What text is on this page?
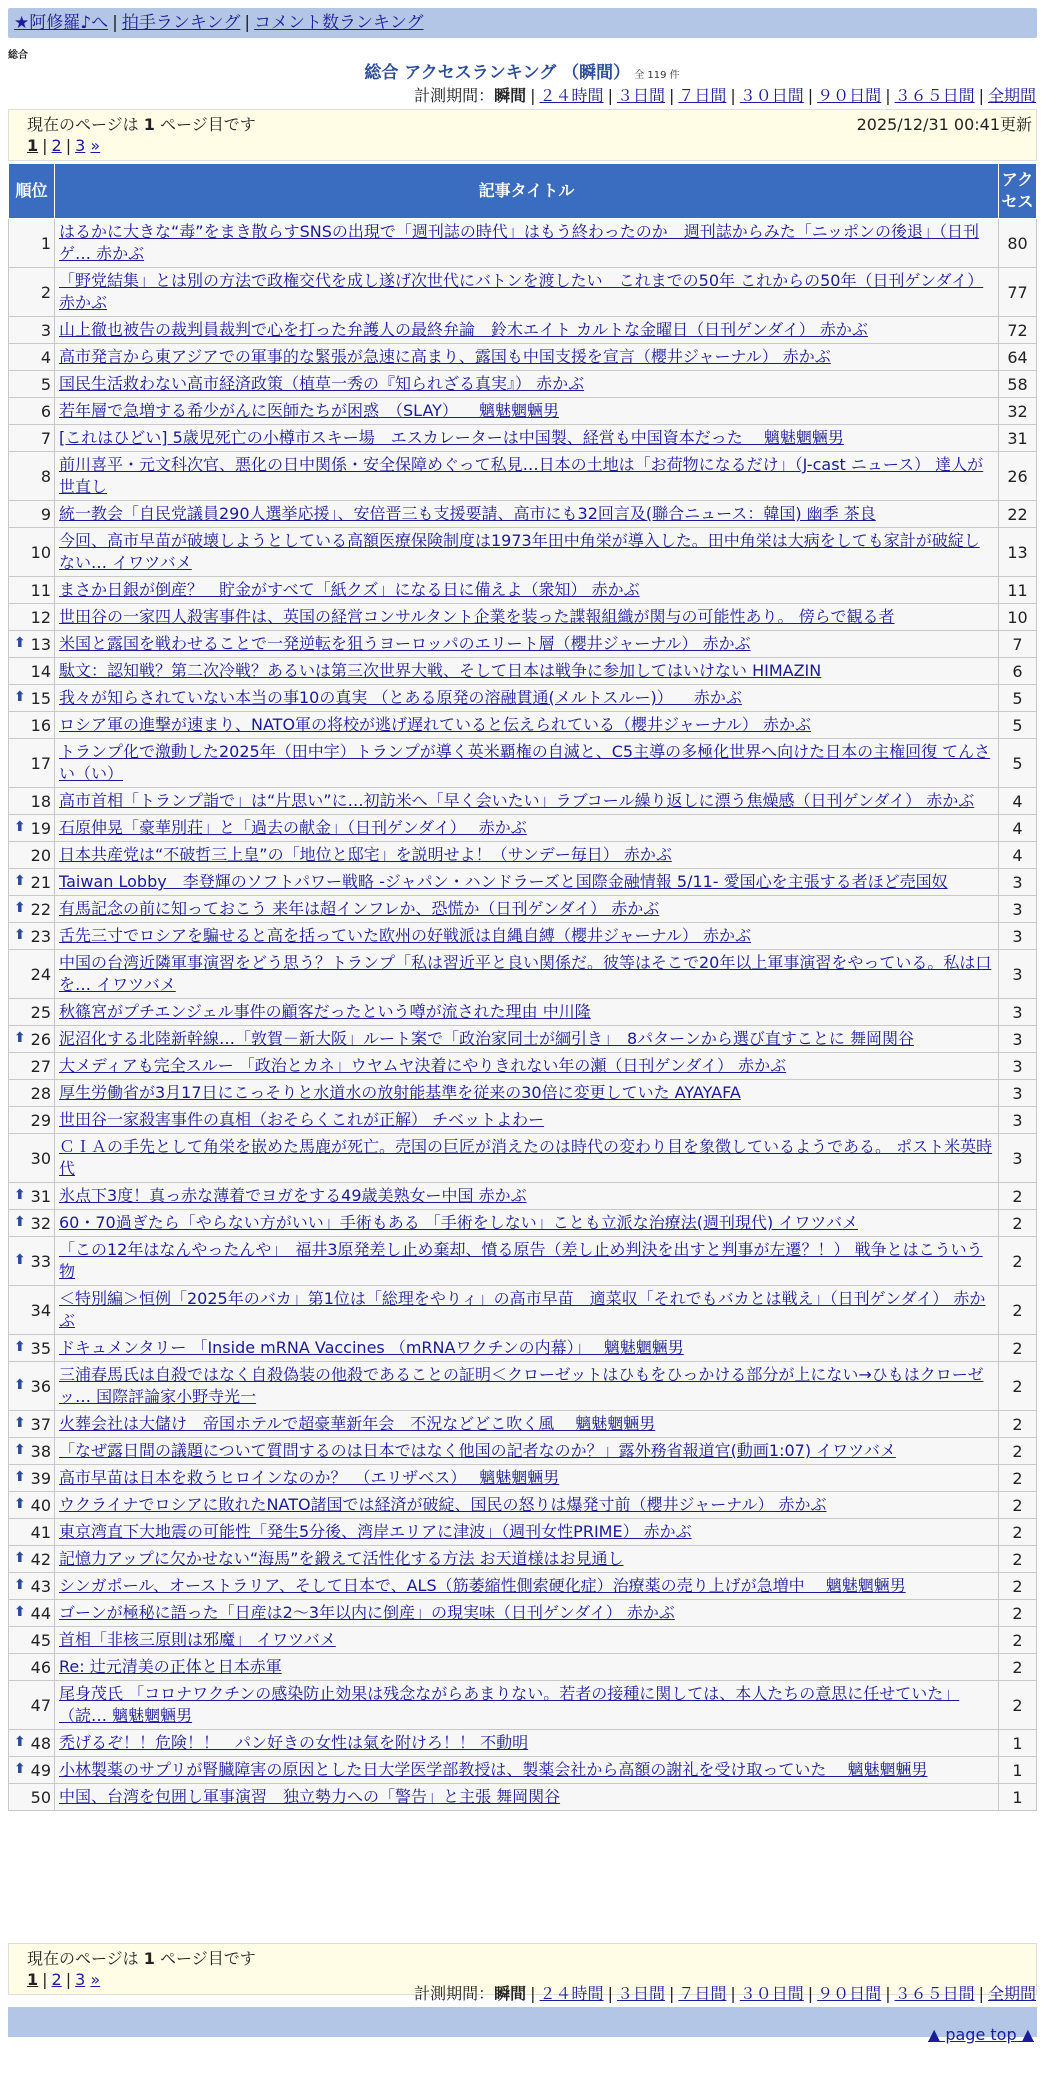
★阿修羅♪へ | 拍手ランキング | コメント数ランキング
総合
総合 アクセスランキング （瞬間） 全 119 件
計測期間：瞬間 | ２４時間 | ３日間 | ７日間 | ３０日間 | ９０日間 | ３６５日間 | 全期間
現在のページは 1 ページ目です	2025/12/31 00:41更新
1 | 2 | 3 »
順位	記事タイトル	アクセス
1	はるかに大きな“毒”をまき散らすSNSの出現で「週刊誌の時代」はもう終わったのか　週刊誌からみた「ニッポンの後退」（日刊ゲ… 赤かぶ	80
2	「野党結集」とは別の方法で政権交代を成し遂げ次世代にバトンを渡したい　これまでの50年 これからの50年（日刊ゲンダイ） 赤かぶ	77
3	山上徹也被告の裁判員裁判で心を打った弁護人の最終弁論　鈴木エイト カルトな金曜日（日刊ゲンダイ） 赤かぶ	72
4	高市発言から東アジアでの軍事的な緊張が急速に高まり、露国も中国支援を宣言（櫻井ジャーナル） 赤かぶ	64
5	国民生活救わない高市経済政策（植草一秀の『知られざる真実』） 赤かぶ	58
6	若年層で急増する希少がんに医師たちが困惑　（SLAY） 　魑魅魍魎男	32
7	[これはひどい] 5歳児死亡の小樽市スキー場　エスカレーターは中国製、経営も中国資本だった　 魑魅魍魎男	31
8	前川喜平・元文科次官、悪化の日中関係・安全保障めぐって私見…日本の土地は「お荷物になるだけ」（J-cast ニュース） 達人が世直し	26
9	統一教会「自民党議員290人選挙応援」、安倍晋三も支援要請、高市にも32回言及(聯合ニュース：韓国) 幽季 茶良	22
10	今回、高市早苗が破壊しようとしている高額医療保険制度は1973年田中角栄が導入した。田中角栄は大病をしても家計が破綻しない… イワツバメ	13
11	まさか日銀が倒産？　貯金がすべて「紙クズ」になる日に備えよ（衆知） 赤かぶ	11
12	世田谷の一家四人殺害事件は、英国の経営コンサルタント企業を装った諜報組織が関与の可能性あり。 傍らで観る者	10

⬆ 13	米国と露国を戦わせることで一発逆転を狙うヨーロッパのエリート層（櫻井ジャーナル） 赤かぶ	7
14	駄文：認知戦？第二次冷戦？あるいは第三次世界大戦、そして日本は戦争に参加してはいけない HIMAZIN	6

⬆ 15	我々が知らされていない本当の事10の真実 （とある原発の溶融貫通(メルトスルー)） 　赤かぶ	5
16	ロシア軍の進撃が速まり、NATO軍の将校が逃げ遅れていると伝えられている（櫻井ジャーナル） 赤かぶ	5
17	トランプ化で激動した2025年（田中宇）トランプが導く英米覇権の自滅と、C5主導の多極化世界へ向けた日本の主権回復 てんさい（い）	5
18	高市首相「トランプ詣で」は“片思い”に…初訪米へ「早く会いたい」ラブコール繰り返しに漂う焦燥感（日刊ゲンダイ） 赤かぶ	4

⬆ 19	石原伸晃「豪華別荘」と「過去の献金」（日刊ゲンダイ）　 赤かぶ	4
20	日本共産党は“不破哲三上皇”の「地位と邸宅」を説明せよ！（サンデー毎日） 赤かぶ	4

⬆ 21	Taiwan Lobby　李登輝のソフトパワー戦略 -ジャパン・ハンドラーズと国際金融情報 5/11- 愛国心を主張する者ほど売国奴	3

⬆ 22	有馬記念の前に知っておこう 来年は超インフレか、恐慌か（日刊ゲンダイ） 赤かぶ	3

⬆ 23	舌先三寸でロシアを騙せると高を括っていた欧州の好戦派は自縄自縛（櫻井ジャーナル） 赤かぶ	3
24	中国の台湾近隣軍事演習をどう思う？トランプ「私は習近平と良い関係だ。彼等はそこで20年以上軍事演習をやっている。私は口を… イワツバメ	3
25	秋篠宮がプチエンジェル事件の顧客だったという噂が流された理由 中川隆	3

⬆ 26	泥沼化する北陸新幹線…「敦賀－新大阪」ルート案で「政治家同士が綱引き」　8パターンから選び直すことに 舞岡関谷	3
27	大メディアも完全スルー 「政治とカネ」ウヤムヤ決着にやりきれない年の瀬（日刊ゲンダイ） 赤かぶ	3
28	厚生労働省が3月17日にこっそりと水道水の放射能基準を従来の30倍に変更していた AYAYAFA	3
29	世田谷一家殺害事件の真相（おそらくこれが正解） チベットよわー	3
30	ＣＩＡの手先として角栄を嵌めた馬鹿が死亡。売国の巨匠が消えたのは時代の変わり目を象徴しているようである。 ポスト米英時代	3

⬆ 31	氷点下3度！真っ赤な薄着でヨガをする49歳美熟女ー中国 赤かぶ	2

⬆ 32	60・70過ぎたら「やらない方がいい」手術もある 「手術をしない」ことも立派な治療法(週刊現代) イワツバメ	2

⬆ 33	「この12年はなんやったんや」　福井3原発差し止め棄却、憤る原告（差し止め判決を出すと判事が左遷？！） 戦争とはこういう物	2
34	＜特別編＞恒例「2025年のバカ」第1位は「総理をやりィ」の高市早苗　適菜収「それでもバカとは戦え」（日刊ゲンダイ） 赤かぶ	2

⬆ 35	ドキュメンタリー 「Inside mRNA Vaccines （mRNAワクチンの内幕）」　 魑魅魍魎男	2

⬆ 36	三浦春馬氏は自殺ではなく自殺偽装の他殺であることの証明＜クローゼットはひもをひっかける部分が上にない→ひもはクローゼッ… 国際評論家小野寺光一	2

⬆ 37	火葬会社は大儲け　帝国ホテルで超豪華新年会　不況などどこ吹く風　 魑魅魍魎男	2

⬆ 38	「なぜ露日間の議題について質問するのは日本ではなく他国の記者なのか？」露外務省報道官(動画1:07) イワツバメ	2

⬆ 39	高市早苗は日本を救うヒロインなのか？　（エリザベス）　 魑魅魍魎男	2

⬆ 40	ウクライナでロシアに敗れたNATO諸国では経済が破綻、国民の怒りは爆発寸前（櫻井ジャーナル） 赤かぶ	2
41	東京湾直下大地震の可能性「発生5分後、湾岸エリアに津波」（週刊女性PRIME） 赤かぶ	2

⬆ 42	記憶力アップに欠かせない“海馬”を鍛えて活性化する方法 お天道様はお見通し	2

⬆ 43	シンガポール、オーストラリア、そして日本で、ALS（筋萎縮性側索硬化症）治療薬の売り上げが急増中　 魑魅魍魎男	2

⬆ 44	ゴーンが極秘に語った「日産は2～3年以内に倒産」の現実味（日刊ゲンダイ） 赤かぶ	2
45	首相「非核三原則は邪魔」 イワツバメ	2
46	Re: 辻元清美の正体と日本赤軍	2
47	尾身茂氏 「コロナワクチンの感染防止効果は残念ながらあまりない。若者の接種に関しては、本人たちの意思に任せていた」（読… 魑魅魍魎男	2

⬆ 48	禿げるぞ！！危険！！　パン好きの女性は氣を附けろ！！ 不動明	1

⬆ 49	小林製薬のサプリが腎臓障害の原因とした日大学医学部教授は、製薬会社から高額の謝礼を受け取っていた　 魑魅魍魎男	1
50	中国、台湾を包囲し軍事演習　独立勢力への「警告」と主張 舞岡関谷	1
現在のページは 1 ページ目です
1 | 2 | 3 »
計測期間：瞬間 | ２４時間 | ３日間 | ７日間 | ３０日間 | ９０日間 | ３６５日間 | 全期間
▲ page top ▲
